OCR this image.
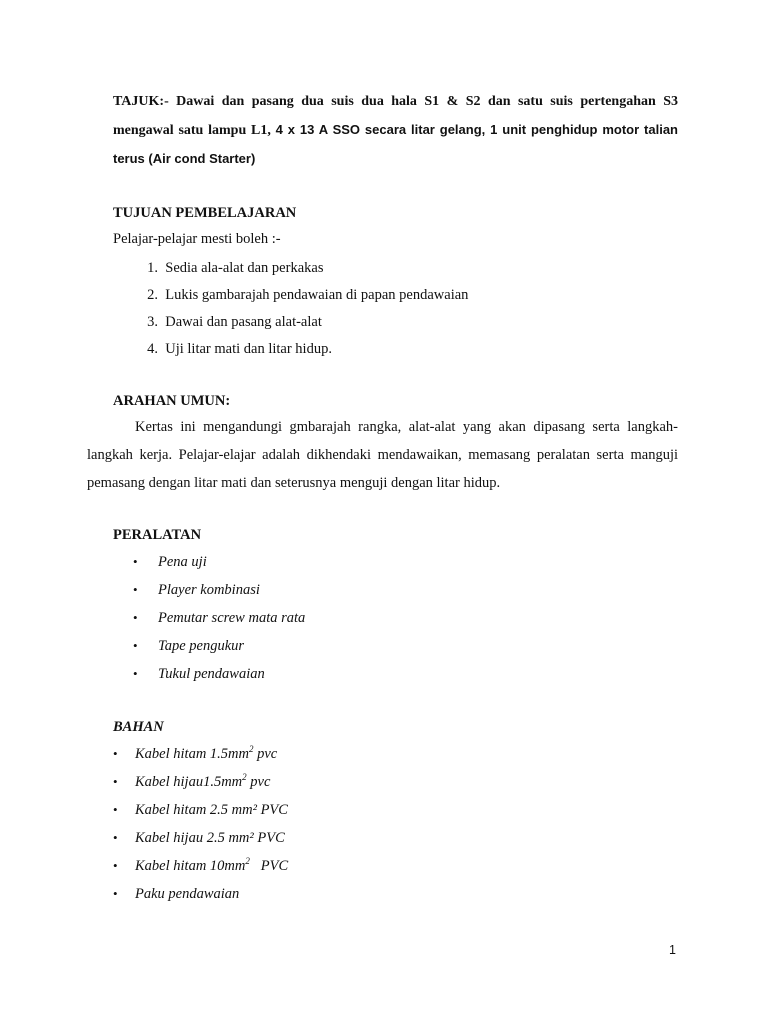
TAJUK:- Dawai dan pasang dua suis dua hala S1 & S2 dan satu suis pertengahan S3 mengawal satu lampu L1, 4 x 13 A SSO secara litar gelang, 1 unit penghidup motor talian terus (Air cond Starter)
TUJUAN PEMBELAJARAN
Pelajar-pelajar mesti boleh :-
1. Sedia ala-alat dan perkakas
2. Lukis gambarajah pendawaian di papan pendawaian
3. Dawai dan pasang alat-alat
4. Uji litar mati dan litar hidup.
ARAHAN UMUN:
Kertas ini mengandungi gmbarajah rangka, alat-alat yang akan dipasang serta langkah-langkah kerja. Pelajar-elajar adalah dikhendaki mendawaikan, memasang peralatan serta manguji pemasang dengan litar mati dan seterusnya menguji dengan litar hidup.
PERALATAN
• Pena uji
• Player kombinasi
• Pemutar screw mata rata
• Tape pengukur
• Tukul pendawaian
BAHAN
• Kabel hitam $1.5mm^2$ pvc
• Kabel $hijau1.5mm^2$ pvc
• Kabel hitam 2.5 mm² PVC
• Kabel hijau 2.5 mm² PVC
• Kabel hitam $10mm^2$   PVC
• Paku pendawaian
1
